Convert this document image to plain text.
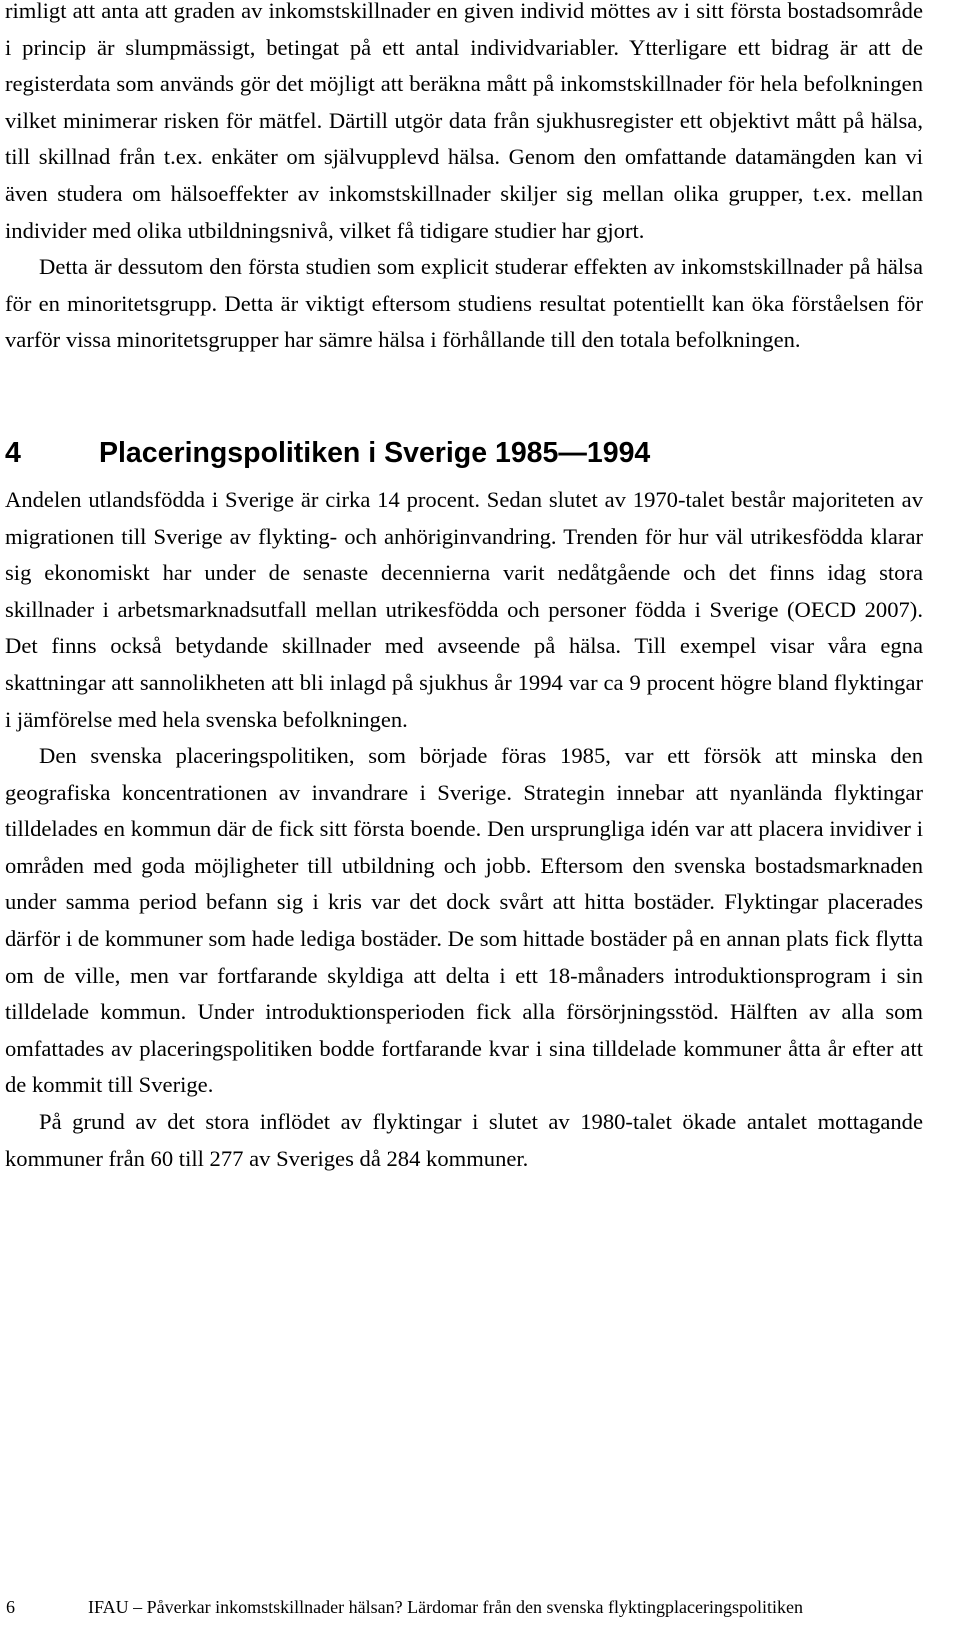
rimligt att anta att graden av inkomstskillnader en given individ möttes av i sitt första bostadsområde i princip är slumpmässigt, betingat på ett antal individvariabler. Ytterligare ett bidrag är att de registerdata som används gör det möjligt att beräkna mått på inkomstskillnader för hela befolkningen vilket minimerar risken för mätfel. Därtill utgör data från sjukhusregister ett objektivt mått på hälsa, till skillnad från t.ex. enkäter om självupplevd hälsa. Genom den omfattande datamängden kan vi även studera om hälsoeffekter av inkomstskillnader skiljer sig mellan olika grupper, t.ex. mellan individer med olika utbildningsnivå, vilket få tidigare studier har gjort.

Detta är dessutom den första studien som explicit studerar effekten av inkomstskillnader på hälsa för en minoritetsgrupp. Detta är viktigt eftersom studiens resultat potentiellt kan öka förståelsen för varför vissa minoritetsgrupper har sämre hälsa i förhållande till den totala befolkningen.

4	Placeringspolitiken i Sverige 1985—1994

Andelen utlandsfödda i Sverige är cirka 14 procent. Sedan slutet av 1970-talet består majoriteten av migrationen till Sverige av flykting- och anhöriginvandring. Trenden för hur väl utrikesfödda klarar sig ekonomiskt har under de senaste decennierna varit nedåtgående och det finns idag stora skillnader i arbetsmarknadsutfall mellan utrikesfödda och personer födda i Sverige (OECD 2007). Det finns också betydande skillnader med avseende på hälsa. Till exempel visar våra egna skattningar att sannolikheten att bli inlagd på sjukhus år 1994 var ca 9 procent högre bland flyktingar i jämförelse med hela svenska befolkningen.

Den svenska placeringspolitiken, som började föras 1985, var ett försök att minska den geografiska koncentrationen av invandrare i Sverige. Strategin innebar att nyanlända flyktingar tilldelades en kommun där de fick sitt första boende. Den ursprungliga idén var att placera invidiver i områden med goda möjligheter till utbildning och jobb. Eftersom den svenska bostadsmarknaden under samma period befann sig i kris var det dock svårt att hitta bostäder. Flyktingar placerades därför i de kommuner som hade lediga bostäder. De som hittade bostäder på en annan plats fick flytta om de ville, men var fortfarande skyldiga att delta i ett 18-månaders introduktionsprogram i sin tilldelade kommun. Under introduktionsperioden fick alla försörjningsstöd. Hälften av alla som omfattades av placeringspolitiken bodde fortfarande kvar i sina tilldelade kommuner åtta år efter att de kommit till Sverige.

På grund av det stora inflödet av flyktingar i slutet av 1980-talet ökade antalet mottagande kommuner från 60 till 277 av Sveriges då 284 kommuner.

6	IFAU – Påverkar inkomstskillnader hälsan? Lärdomar från den svenska flyktingplaceringspolitiken
